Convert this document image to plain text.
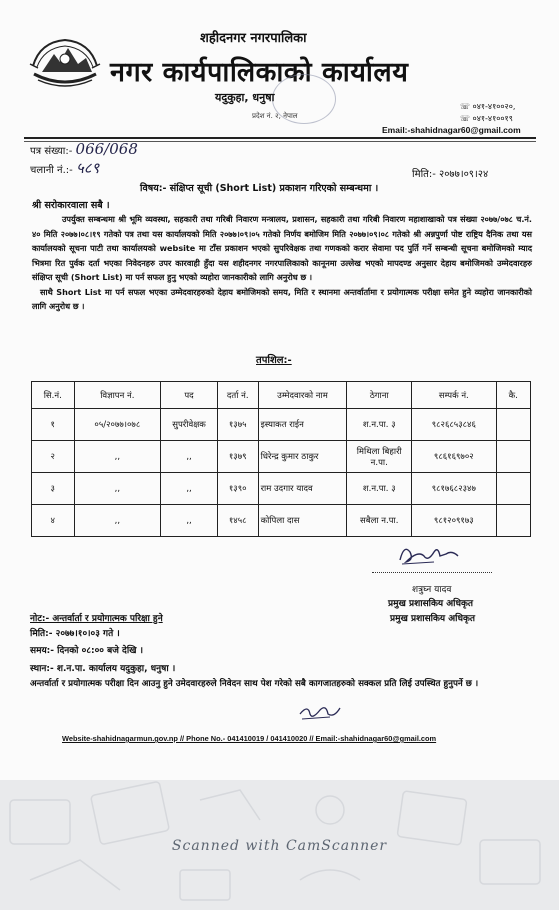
शहीदनगर नगरपालिका
नगर कार्यपालिकाको कार्यालय
यदुकुहा, धनुषा
प्रदेश नं. २, नेपाल
☏ ०४१-४१००२०,
☏ ०४१-४१००१९
Email:-shahidnagar60@gmail.com
पत्र संख्या:- 066/068
चलानी नं.:- ५८९	मिति:- २०७७।०९।२४
विषय:- संक्षिप्त सूची (Short List) प्रकाशन गरिएको सम्बन्धमा ।
श्री सरोकारवाला सबै ।
उपर्युक्त सम्बन्धमा श्री भूमि व्यवस्था, सहकारी तथा गरिबी निवारण मन्त्रालय, प्रशासन, सहकारी तथा गरिबी निवारण महाशाखाको पत्र संख्या २०७७/०७८ च.नं. ४० मिति २०७७।०८।१९ गतेको पत्र तथा यस कार्यालयको मिति २०७७।०९।०५ गतेको निर्णय बमोजिम मिति २०७७।०९।०८ गतेको श्री अन्नपुर्णा पोष्ट राष्ट्रिय दैनिक तथा यस कार्यालयको सूचना पाटी तथा कार्यालयको website मा टाँस प्रकाशन भएको सुपरिवेक्षक तथा गणकको करार सेवामा पद पुर्ति गर्ने सम्बन्धी सूचना बमोजिमको म्याद भित्रमा रित पुर्वक दर्ता भएका निवेदनहरु उपर कारवाही हुँदा यस शहीदनगर नगरपालिकाको कानूनमा उल्लेख भएको मापदण्ड अनुसार देहाय बमोजिमको उम्मेदवारहरु संक्षिप्त सूची (Short List) मा पर्न सफल हुनु भएको व्यहोरा जानकारीको लागि अनुरोध छ ।
साथै Short List मा पर्न सफल भएका उम्मेदवारहरुको देहाय बमोजिमको समय, मिति र स्थानमा अन्तर्वार्तामा र प्रयोगात्मक परीक्षा समेत हुने व्यहोरा जानकारीको लागि अनुरोध छ ।
तपशिल:-
सि.नं.	विज्ञापन नं.	पद	दर्ता नं.	उम्मेदवारको नाम	ठेगाना	सम्पर्क नं.	कै.
१	०५/२०७७।०७८	सुपरीवेक्षक	१३७५	इस्याकत राईन	श.न.पा. ३	९८२६८५३८४६	
२	,,	,,	१३७९	धिरेन्द्र कुमार ठाकुर	मिथिला बिहारी न.पा.	९८६१६९७०२	
३	,,	,,	१३९०	राम उदगार यादव	श.न.पा. ३	९८१७६८२३४७	
४	,,	,,	१४५८	कोपिला दास	सबैला न.पा.	९८१२०९१७३	
शत्रुघ्न यादव
प्रमुख प्रशासकिय अधिकृत
प्रमुख प्रशासकिय अधिकृत
नोट:- अन्तर्वार्ता र प्रयोगात्मक परिक्षा हुने
मिति:- २०७७।१०।०३ गते ।
समय:- दिनको ०८:०० बजे देखि ।
स्थान:- श.न.पा. कार्यालय यदुकुहा, धनुषा ।
अन्तर्वार्ता र प्रयोगात्मक परीक्षा दिन आउनु हुने उमेदवारहरुले निवेदन साथ पेश गरेको सबै कागजातहरुको सक्कल प्रति लिई उपस्थित हुनुपर्ने छ ।
Website-shahidnagarmun.gov.np // Phone No.- 041410019 / 041410020 // Email:-shahidnagar60@gmail.com
Scanned with CamScanner
